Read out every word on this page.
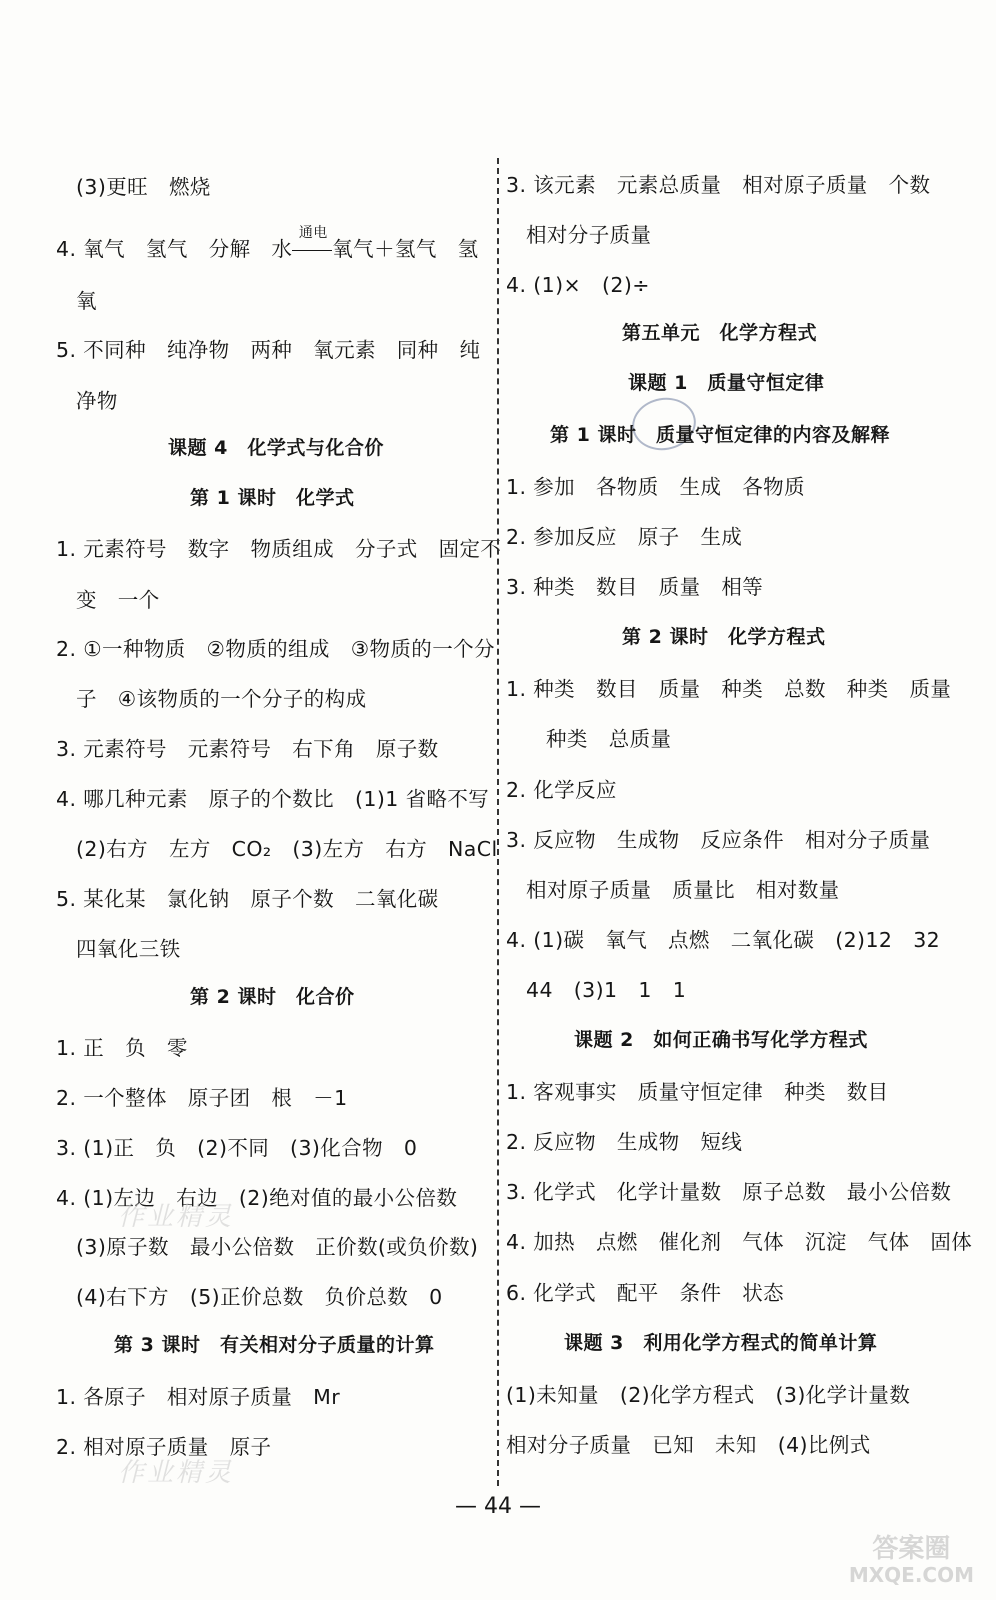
(3)更旺　燃烧
4. 氧气　氢气　分解　水
通电
氧气＋氢气　氢
氧
5. 不同种　纯净物　两种　氧元素　同种　纯
净物
课题 4　化学式与化合价
第 1 课时　化学式
1. 元素符号　数字　物质组成　分子式　固定不
变　一个
2. ①一种物质　②物质的组成　③物质的一个分
子　④该物质的一个分子的构成
3. 元素符号　元素符号　右下角　原子数
4. 哪几种元素　原子的个数比　(1)1 省略不写
(2)右方　左方　CO₂　(3)左方　右方　NaCl
5. 某化某　氯化钠　原子个数　二氧化碳
四氧化三铁
第 2 课时　化合价
1. 正　负　零
2. 一个整体　原子团　根　－1
3. (1)正　负　(2)不同　(3)化合物　0
4. (1)左边　右边　(2)绝对值的最小公倍数
(3)原子数　最小公倍数　正价数(或负价数)
(4)右下方　(5)正价总数　负价总数　0
第 3 课时　有关相对分子质量的计算
1. 各原子　相对原子质量　Mr
2. 相对原子质量　原子
3. 该元素　元素总质量　相对原子质量　个数
相对分子质量
4. (1)×　(2)÷
第五单元　化学方程式
课题 1　质量守恒定律
第 1 课时　质量守恒定律的内容及解释
1. 参加　各物质　生成　各物质
2. 参加反应　原子　生成
3. 种类　数目　质量　相等
第 2 课时　化学方程式
1. 种类　数目　质量　种类　总数　种类　质量
种类　总质量
2. 化学反应
3. 反应物　生成物　反应条件　相对分子质量
相对原子质量　质量比　相对数量
4. (1)碳　氧气　点燃　二氧化碳　(2)12　32
44　(3)1　1　1
课题 2　如何正确书写化学方程式
1. 客观事实　质量守恒定律　种类　数目
2. 反应物　生成物　短线
3. 化学式　化学计量数　原子总数　最小公倍数
4. 加热　点燃　催化剂　气体　沉淀　气体　固体
6. 化学式　配平　条件　状态
课题 3　利用化学方程式的简单计算
(1)未知量　(2)化学方程式　(3)化学计量数
相对分子质量　已知　未知　(4)比例式
— 44 —
作业精灵
作业精灵
答案圈
MXQE.COM
